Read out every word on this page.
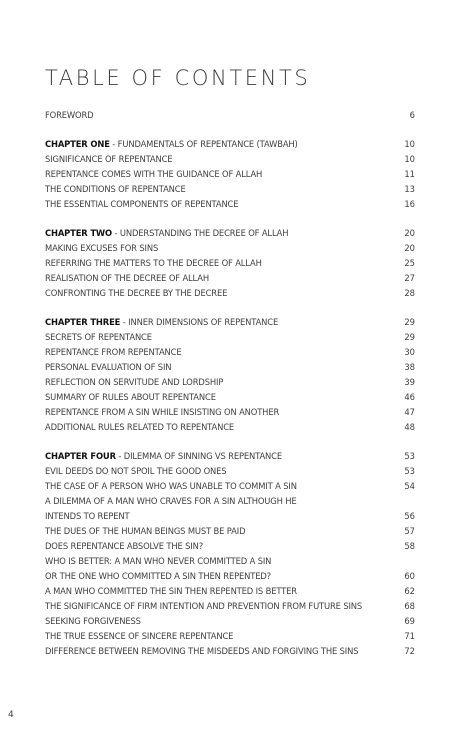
TABLE OF CONTENTS
FOREWORD	6
CHAPTER ONE - FUNDAMENTALS OF REPENTANCE (TAWBAH)	10
SIGNIFICANCE OF REPENTANCE	10
REPENTANCE COMES WITH THE GUIDANCE OF ALLAH	11
THE CONDITIONS OF REPENTANCE	13
THE ESSENTIAL COMPONENTS OF REPENTANCE	16
CHAPTER TWO - UNDERSTANDING THE DECREE OF ALLAH	20
MAKING EXCUSES FOR SINS	20
REFERRING THE MATTERS TO THE DECREE OF ALLAH	25
REALISATION OF THE DECREE OF ALLAH	27
CONFRONTING THE DECREE BY THE DECREE	28
CHAPTER THREE - INNER DIMENSIONS OF REPENTANCE	29
SECRETS OF REPENTANCE	29
REPENTANCE FROM REPENTANCE	30
PERSONAL EVALUATION OF SIN	38
REFLECTION ON SERVITUDE AND LORDSHIP	39
SUMMARY OF RULES ABOUT REPENTANCE	46
REPENTANCE FROM A SIN WHILE INSISTING ON ANOTHER	47
ADDITIONAL RULES RELATED TO REPENTANCE	48
CHAPTER FOUR - DILEMMA OF SINNING VS REPENTANCE	53
EVIL DEEDS DO NOT SPOIL THE GOOD ONES	53
THE CASE OF A PERSON WHO WAS UNABLE TO COMMIT A SIN	54
A DILEMMA OF A MAN WHO CRAVES FOR A SIN ALTHOUGH HE
INTENDS TO REPENT	56
THE DUES OF THE HUMAN BEINGS MUST BE PAID	57
DOES REPENTANCE ABSOLVE THE SIN?	58
WHO IS BETTER: A MAN WHO NEVER COMMITTED A SIN
OR THE ONE WHO COMMITTED A SIN THEN REPENTED?	60
A MAN WHO COMMITTED THE SIN THEN REPENTED IS BETTER	62
THE SIGNIFICANCE OF FIRM INTENTION AND PREVENTION FROM FUTURE SINS	68
SEEKING FORGIVENESS	69
THE TRUE ESSENCE OF SINCERE REPENTANCE	71
DIFFERENCE BETWEEN REMOVING THE MISDEEDS AND FORGIVING THE SINS	72
4
